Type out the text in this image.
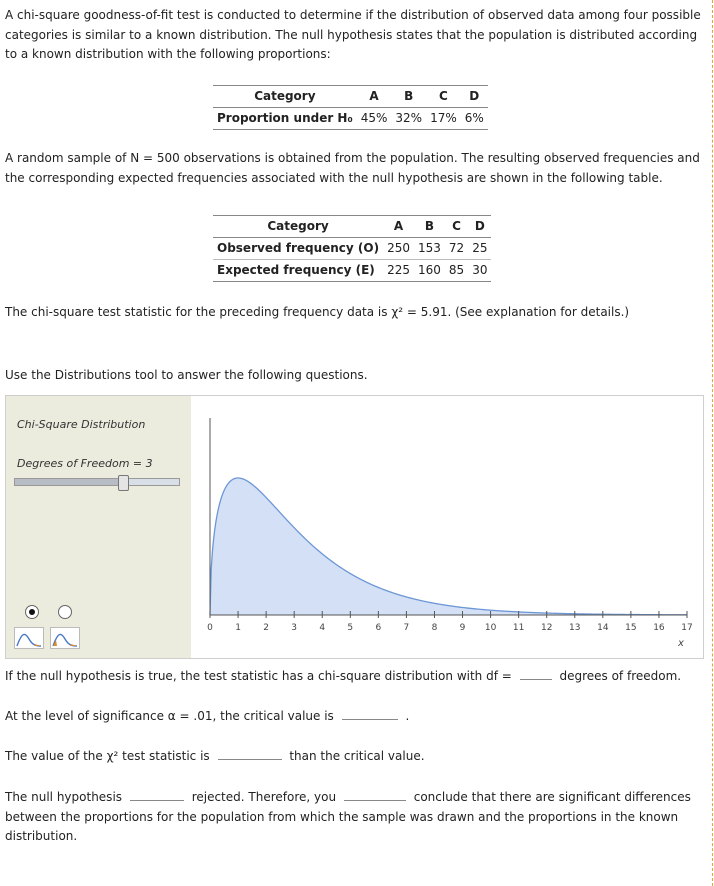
A chi-square goodness-of-fit test is conducted to determine if the distribution of observed data among four possible categories is similar to a known distribution. The null hypothesis states that the population is distributed according to a known distribution with the following proportions:
Category	A	B	C	D
Proportion under H₀	45%	32%	17%	6%
A random sample of N = 500 observations is obtained from the population. The resulting observed frequencies and the corresponding expected frequencies associated with the null hypothesis are shown in the following table.
Category	A	B	C	D
Observed frequency (O)	250	153	72	25
Expected frequency (E)	225	160	85	30
The chi-square test statistic for the preceding frequency data is χ² = 5.91. (See explanation for details.)
Use the Distributions tool to answer the following questions.
Chi-Square Distribution
Degrees of Freedom = 3
0 1 2 3 4 5 6 7 8 9 10 11 12 13 14 15 16 17
x
If the null hypothesis is true, the test statistic has a chi-square distribution with df =	degrees of freedom.
At the level of significance α = .01, the critical value is	.
The value of the χ² test statistic is	than the critical value.
The null hypothesis	rejected. Therefore, you	conclude that there are significant differences between the proportions for the population from which the sample was drawn and the proportions in the known distribution.
